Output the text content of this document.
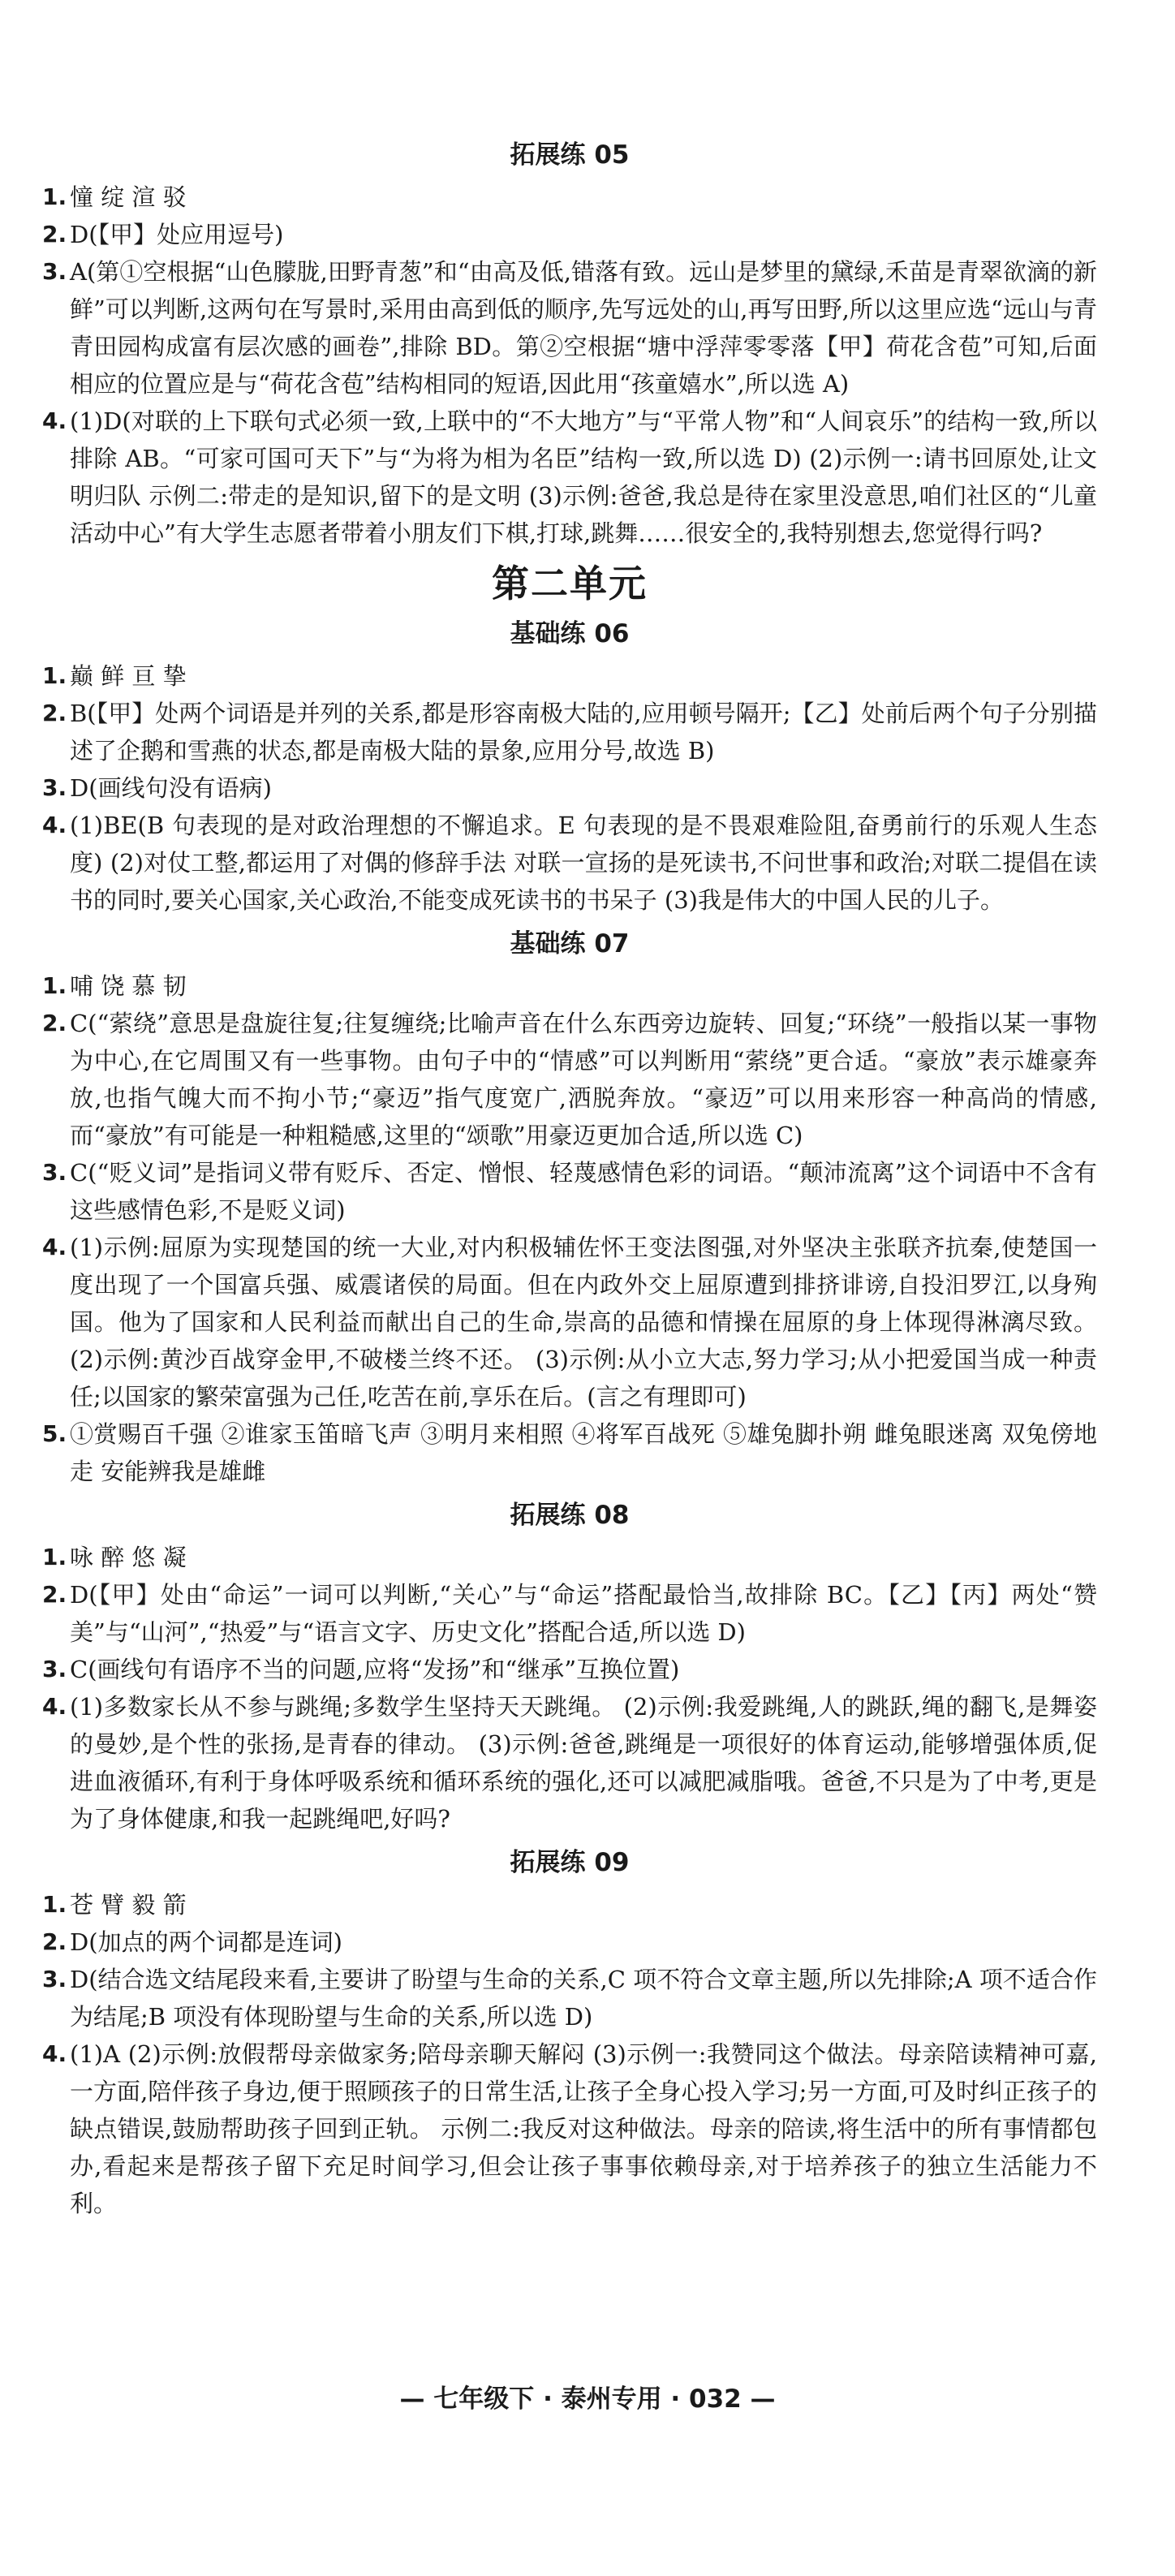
拓展练 05
1. 憧 绽 渲 驳
2. D(【甲】处应用逗号)
3. A(第①空根据“山色朦胧,田野青葱”和“由高及低,错落有致。远山是梦里的黛绿,禾苗是青翠欲滴的新鲜”可以判断,这两句在写景时,采用由高到低的顺序,先写远处的山,再写田野,所以这里应选“远山与青青田园构成富有层次感的画卷”,排除 BD。第②空根据“塘中浮萍零零落【甲】荷花含苞”可知,后面相应的位置应是与“荷花含苞”结构相同的短语,因此用“孩童嬉水”,所以选 A)
4. (1)D(对联的上下联句式必须一致,上联中的“不大地方”与“平常人物”和“人间哀乐”的结构一致,所以排除 AB。“可家可国可天下”与“为将为相为名臣”结构一致,所以选 D) (2)示例一:请书回原处,让文明归队 示例二:带走的是知识,留下的是文明 (3)示例:爸爸,我总是待在家里没意思,咱们社区的“儿童活动中心”有大学生志愿者带着小朋友们下棋,打球,跳舞……很安全的,我特别想去,您觉得行吗?
第二单元
基础练 06
1. 巅 鲜 亘 挚
2. B(【甲】处两个词语是并列的关系,都是形容南极大陆的,应用顿号隔开;【乙】处前后两个句子分别描述了企鹅和雪燕的状态,都是南极大陆的景象,应用分号,故选 B)
3. D(画线句没有语病)
4. (1)BE(B 句表现的是对政治理想的不懈追求。E 句表现的是不畏艰难险阻,奋勇前行的乐观人生态度) (2)对仗工整,都运用了对偶的修辞手法 对联一宣扬的是死读书,不问世事和政治;对联二提倡在读书的同时,要关心国家,关心政治,不能变成死读书的书呆子 (3)我是伟大的中国人民的儿子。
基础练 07
1. 哺 饶 慕 韧
2. C(“萦绕”意思是盘旋往复;往复缠绕;比喻声音在什么东西旁边旋转、回复;“环绕”一般指以某一事物为中心,在它周围又有一些事物。由句子中的“情感”可以判断用“萦绕”更合适。“豪放”表示雄豪奔放,也指气魄大而不拘小节;“豪迈”指气度宽广,洒脱奔放。“豪迈”可以用来形容一种高尚的情感,而“豪放”有可能是一种粗糙感,这里的“颂歌”用豪迈更加合适,所以选 C)
3. C(“贬义词”是指词义带有贬斥、否定、憎恨、轻蔑感情色彩的词语。“颠沛流离”这个词语中不含有这些感情色彩,不是贬义词)
4. (1)示例:屈原为实现楚国的统一大业,对内积极辅佐怀王变法图强,对外坚决主张联齐抗秦,使楚国一度出现了一个国富兵强、威震诸侯的局面。但在内政外交上屈原遭到排挤诽谤,自投汨罗江,以身殉国。他为了国家和人民利益而献出自己的生命,崇高的品德和情操在屈原的身上体现得淋漓尽致。 (2)示例:黄沙百战穿金甲,不破楼兰终不还。 (3)示例:从小立大志,努力学习;从小把爱国当成一种责任;以国家的繁荣富强为己任,吃苦在前,享乐在后。(言之有理即可)
5. ①赏赐百千强 ②谁家玉笛暗飞声 ③明月来相照 ④将军百战死 ⑤雄兔脚扑朔 雌兔眼迷离 双兔傍地走 安能辨我是雄雌
拓展练 08
1. 咏 醉 悠 凝
2. D(【甲】处由“命运”一词可以判断,“关心”与“命运”搭配最恰当,故排除 BC。【乙】【丙】两处“赞美”与“山河”,“热爱”与“语言文字、历史文化”搭配合适,所以选 D)
3. C(画线句有语序不当的问题,应将“发扬”和“继承”互换位置)
4. (1)多数家长从不参与跳绳;多数学生坚持天天跳绳。 (2)示例:我爱跳绳,人的跳跃,绳的翻飞,是舞姿的曼妙,是个性的张扬,是青春的律动。 (3)示例:爸爸,跳绳是一项很好的体育运动,能够增强体质,促进血液循环,有利于身体呼吸系统和循环系统的强化,还可以减肥减脂哦。爸爸,不只是为了中考,更是为了身体健康,和我一起跳绳吧,好吗?
拓展练 09
1. 苍 臂 毅 箭
2. D(加点的两个词都是连词)
3. D(结合选文结尾段来看,主要讲了盼望与生命的关系,C 项不符合文章主题,所以先排除;A 项不适合作为结尾;B 项没有体现盼望与生命的关系,所以选 D)
4. (1)A (2)示例:放假帮母亲做家务;陪母亲聊天解闷 (3)示例一:我赞同这个做法。母亲陪读精神可嘉,一方面,陪伴孩子身边,便于照顾孩子的日常生活,让孩子全身心投入学习;另一方面,可及时纠正孩子的缺点错误,鼓励帮助孩子回到正轨。 示例二:我反对这种做法。母亲的陪读,将生活中的所有事情都包办,看起来是帮孩子留下充足时间学习,但会让孩子事事依赖母亲,对于培养孩子的独立生活能力不利。
— 七年级下 · 泰州专用 · 032 —
